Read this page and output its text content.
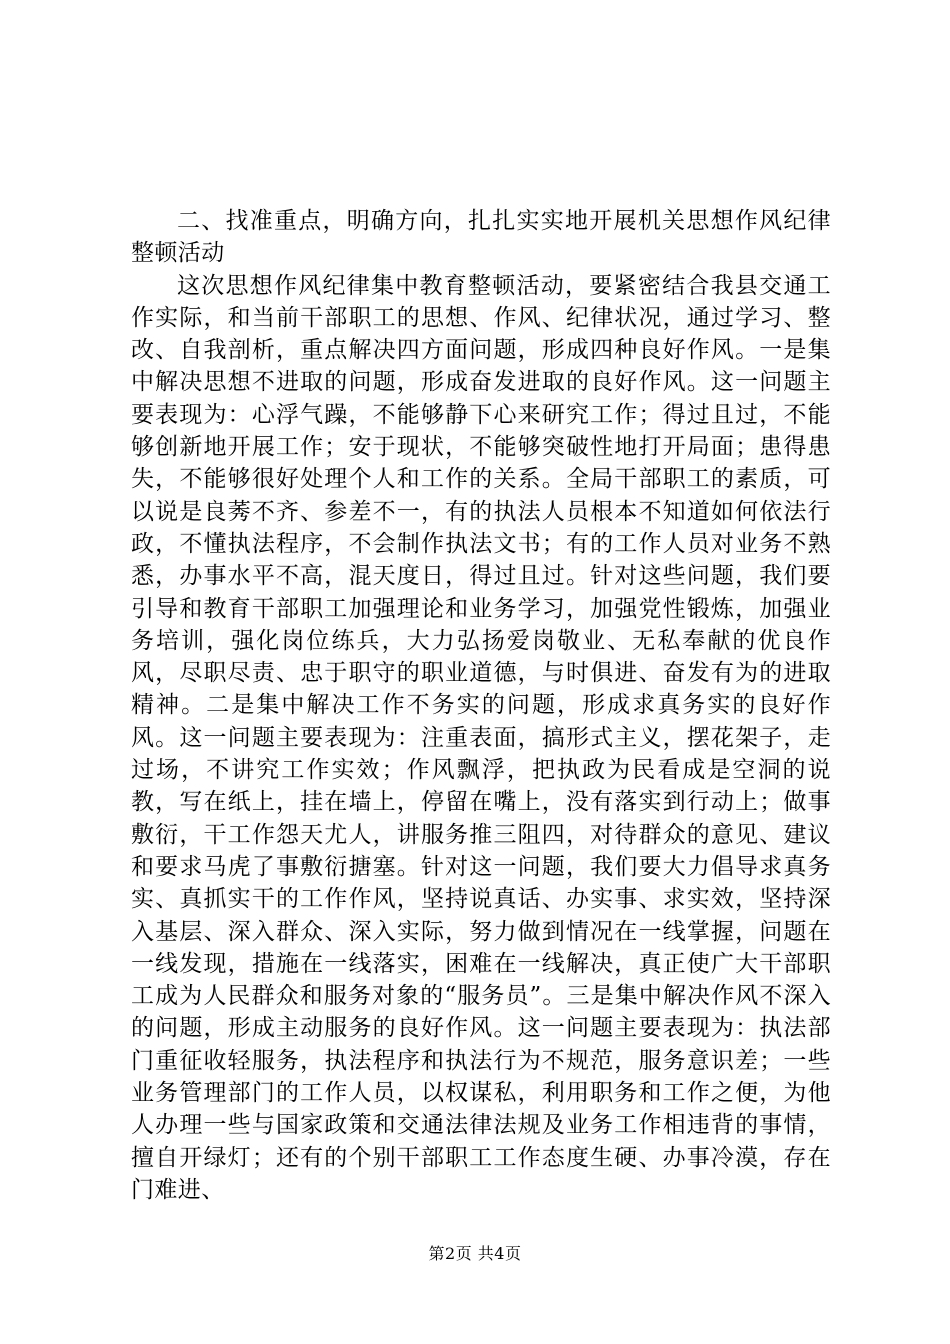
二、找准重点，明确方向，扎扎实实地开展机关思想作风纪律整顿活动

这次思想作风纪律集中教育整顿活动，要紧密结合我县交通工作实际，和当前干部职工的思想、作风、纪律状况，通过学习、整改、自我剖析，重点解决四方面问题，形成四种良好作风。一是集中解决思想不进取的问题，形成奋发进取的良好作风。这一问题主要表现为：心浮气躁，不能够静下心来研究工作；得过且过，不能够创新地开展工作；安于现状，不能够突破性地打开局面；患得患失，不能够很好处理个人和工作的关系。全局干部职工的素质，可以说是良莠不齐、参差不一，有的执法人员根本不知道如何依法行政，不懂执法程序，不会制作执法文书；有的工作人员对业务不熟悉，办事水平不高，混天度日，得过且过。针对这些问题，我们要引导和教育干部职工加强理论和业务学习，加强党性锻炼，加强业务培训，强化岗位练兵，大力弘扬爱岗敬业、无私奉献的优良作风，尽职尽责、忠于职守的职业道德，与时俱进、奋发有为的进取精神。二是集中解决工作不务实的问题，形成求真务实的良好作风。这一问题主要表现为：注重表面，搞形式主义，摆花架子，走过场，不讲究工作实效；作风飘浮，把执政为民看成是空洞的说教，写在纸上，挂在墙上，停留在嘴上，没有落实到行动上；做事敷衍，干工作怨天尤人，讲服务推三阻四，对待群众的意见、建议和要求马虎了事敷衍搪塞。针对这一问题，我们要大力倡导求真务实、真抓实干的工作作风，坚持说真话、办实事、求实效，坚持深入基层、深入群众、深入实际，努力做到情况在一线掌握，问题在一线发现，措施在一线落实，困难在一线解决，真正使广大干部职工成为人民群众和服务对象的“服务员”。三是集中解决作风不深入的问题，形成主动服务的良好作风。这一问题主要表现为：执法部门重征收轻服务，执法程序和执法行为不规范，服务意识差；一些业务管理部门的工作人员，以权谋私，利用职务和工作之便，为他人办理一些与国家政策和交通法律法规及业务工作相违背的事情，擅自开绿灯；还有的个别干部职工工作态度生硬、办事冷漠，存在门难进、

第2页 共4页
